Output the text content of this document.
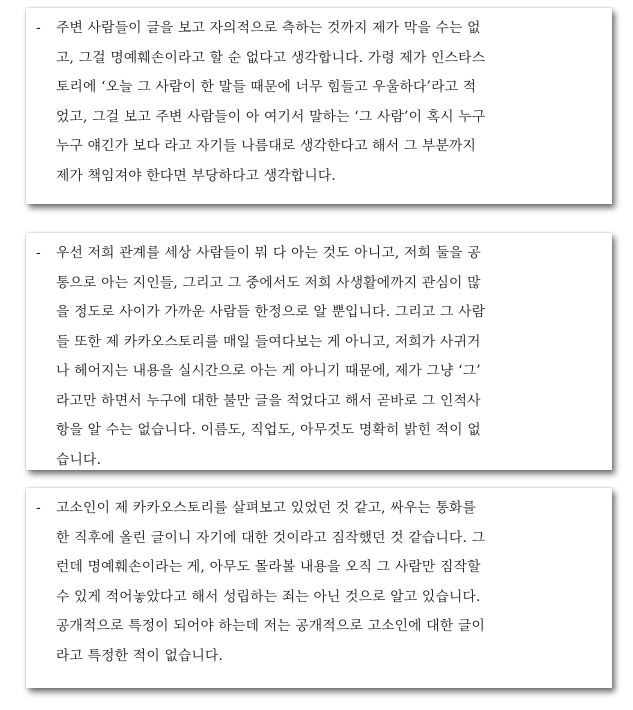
-	주변 사람들이 글을 보고 자의적으로 측하는 것까지 제가 막을 수는 없
고, 그걸 명예훼손이라고 할 순 없다고 생각합니다. 가령 제가 인스타스
토리에 ‘오늘 그 사람이 한 말들 때문에 너무 힘들고 우울하다’라고 적
었고, 그걸 보고 주변 사람들이 아 여기서 말하는 ‘그 사람’이 혹시 누구
누구 얘긴가 보다 라고 자기들 나름대로 생각한다고 해서 그 부분까지
제가 책임져야 한다면 부당하다고 생각합니다.
-	우선 저희 관계를 세상 사람들이 뭐 다 아는 것도 아니고, 저희 둘을 공
통으로 아는 지인들, 그리고 그 중에서도 저희 사생활에까지 관심이 많
을 정도로 사이가 가까운 사람들 한정으로 알 뿐입니다. 그리고 그 사람
들 또한 제 카카오스토리를 매일 들여다보는 게 아니고, 저희가 사귀거
나 헤어지는 내용을 실시간으로 아는 게 아니기 때문에, 제가 그냥 ‘그’
라고만 하면서 누구에 대한 불만 글을 적었다고 해서 곧바로 그 인적사
항을 알 수는 없습니다. 이름도, 직업도, 아무것도 명확히 밝힌 적이 없
습니다.
-	고소인이 제 카카오스토리를 살펴보고 있었던 것 같고, 싸우는 통화를
한 직후에 올린 글이니 자기에 대한 것이라고 짐작했던 것 같습니다. 그
런데 명예훼손이라는 게, 아무도 몰라볼 내용을 오직 그 사람만 짐작할
수 있게 적어놓았다고 해서 성립하는 죄는 아닌 것으로 알고 있습니다.
공개적으로 특정이 되어야 하는데 저는 공개적으로 고소인에 대한 글이
라고 특정한 적이 없습니다.
